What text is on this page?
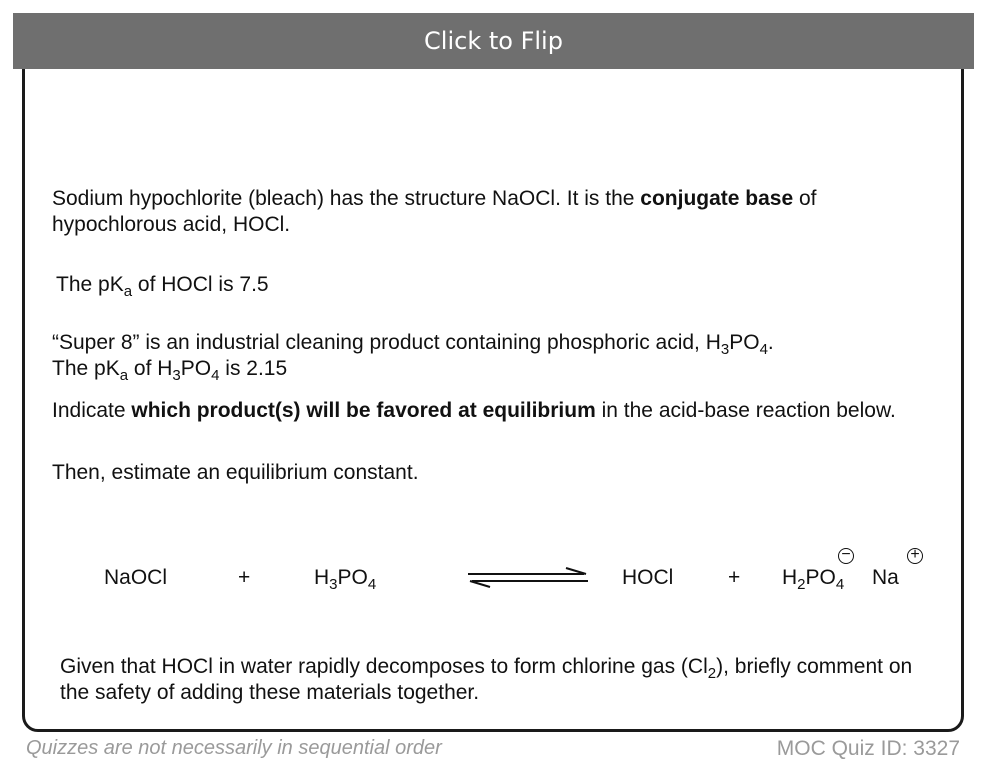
Click to Flip
Sodium hypochlorite (bleach) has the structure NaOCl. It is the conjugate base of hypochlorous acid, HOCl.
The $pK_a$ of HOCl is 7.5
“Super 8” is an industrial cleaning product containing phosphoric acid, $H_3PO_4$.
The $pK_a$ of $H_3PO_4$ is 2.15
Indicate which product(s) will be favored at equilibrium in the acid-base reaction below.
Then, estimate an equilibrium constant.
NaOCl	+	$H_3PO_4$	HOCl	+ $H_2PO_4$
−
Na
+
Given that HOCl in water rapidly decomposes to form chlorine gas $(Cl_2)$, briefly comment on the safety of adding these materials together.
Quizzes are not necessarily in sequential order	MOC Quiz ID: 3327
